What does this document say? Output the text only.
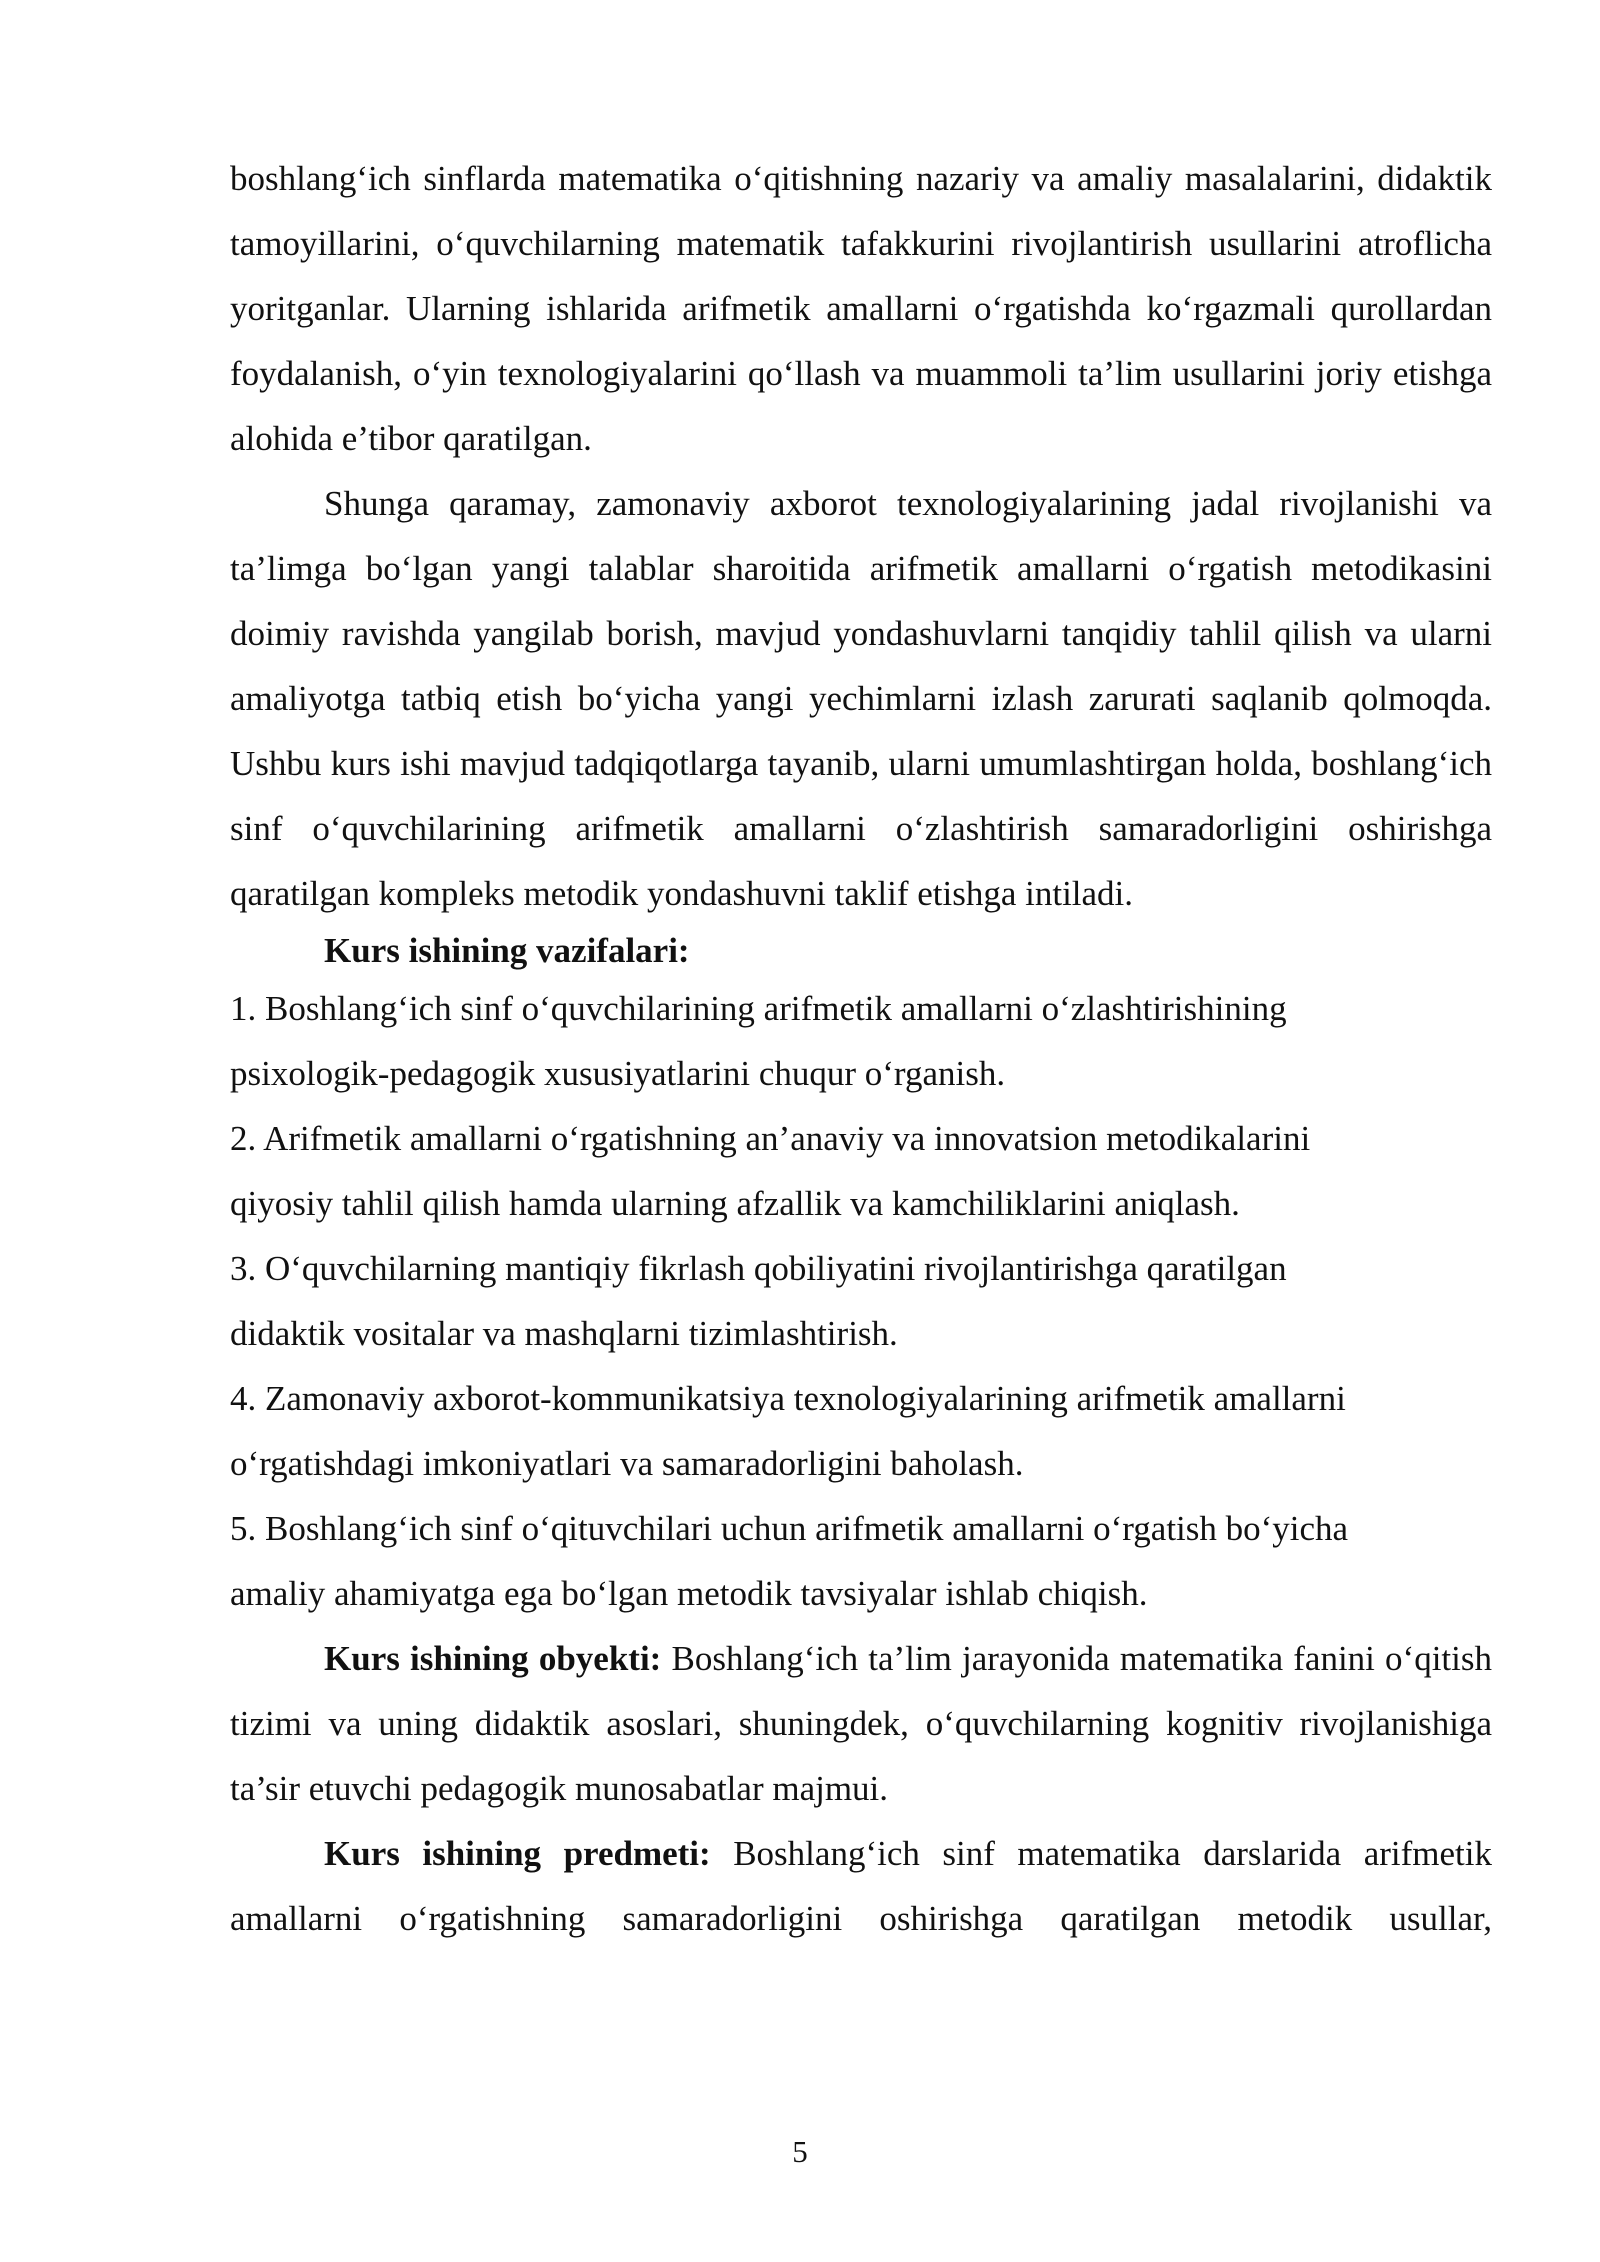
boshlang‘ich sinflarda matematika o‘qitishning nazariy va amaliy masalalarini, didaktik tamoyillarini, o‘quvchilarning matematik tafakkurini rivojlantirish usullarini atroflicha yoritganlar. Ularning ishlarida arifmetik amallarni o‘rgatishda ko‘rgazmali qurollardan foydalanish, o‘yin texnologiyalarini qo‘llash va muammoli ta’lim usullarini joriy etishga alohida e’tibor qaratilgan.

Shunga qaramay, zamonaviy axborot texnologiyalarining jadal rivojlanishi va ta’limga bo‘lgan yangi talablar sharoitida arifmetik amallarni o‘rgatish metodikasini doimiy ravishda yangilab borish, mavjud yondashuvlarni tanqidiy tahlil qilish va ularni amaliyotga tatbiq etish bo‘yicha yangi yechimlarni izlash zarurati saqlanib qolmoqda. Ushbu kurs ishi mavjud tadqiqotlarga tayanib, ularni umumlashtirgan holda, boshlang‘ich sinf o‘quvchilarining arifmetik amallarni o‘zlashtirish samaradorligini oshirishga qaratilgan kompleks metodik yondashuvni taklif etishga intiladi.

Kurs ishining vazifalari:

1. Boshlang‘ich sinf o‘quvchilarining arifmetik amallarni o‘zlashtirishining psixologik-pedagogik xususiyatlarini chuqur o‘rganish.
2. Arifmetik amallarni o‘rgatishning an’anaviy va innovatsion metodikalarini qiyosiy tahlil qilish hamda ularning afzallik va kamchiliklarini aniqlash.
3. O‘quvchilarning mantiqiy fikrlash qobiliyatini rivojlantirishga qaratilgan didaktik vositalar va mashqlarni tizimlashtirish.
4. Zamonaviy axborot-kommunikatsiya texnologiyalarining arifmetik amallarni o‘rgatishdagi imkoniyatlari va samaradorligini baholash.
5. Boshlang‘ich sinf o‘qituvchilari uchun arifmetik amallarni o‘rgatish bo‘yicha amaliy ahamiyatga ega bo‘lgan metodik tavsiyalar ishlab chiqish.

Kurs ishining obyekti: Boshlang‘ich ta’lim jarayonida matematika fanini o‘qitish tizimi va uning didaktik asoslari, shuningdek, o‘quvchilarning kognitiv rivojlanishiga ta’sir etuvchi pedagogik munosabatlar majmui.

Kurs ishining predmeti: Boshlang‘ich sinf matematika darslarida arifmetik amallarni o‘rgatishning samaradorligini oshirishga qaratilgan metodik usullar,

5
